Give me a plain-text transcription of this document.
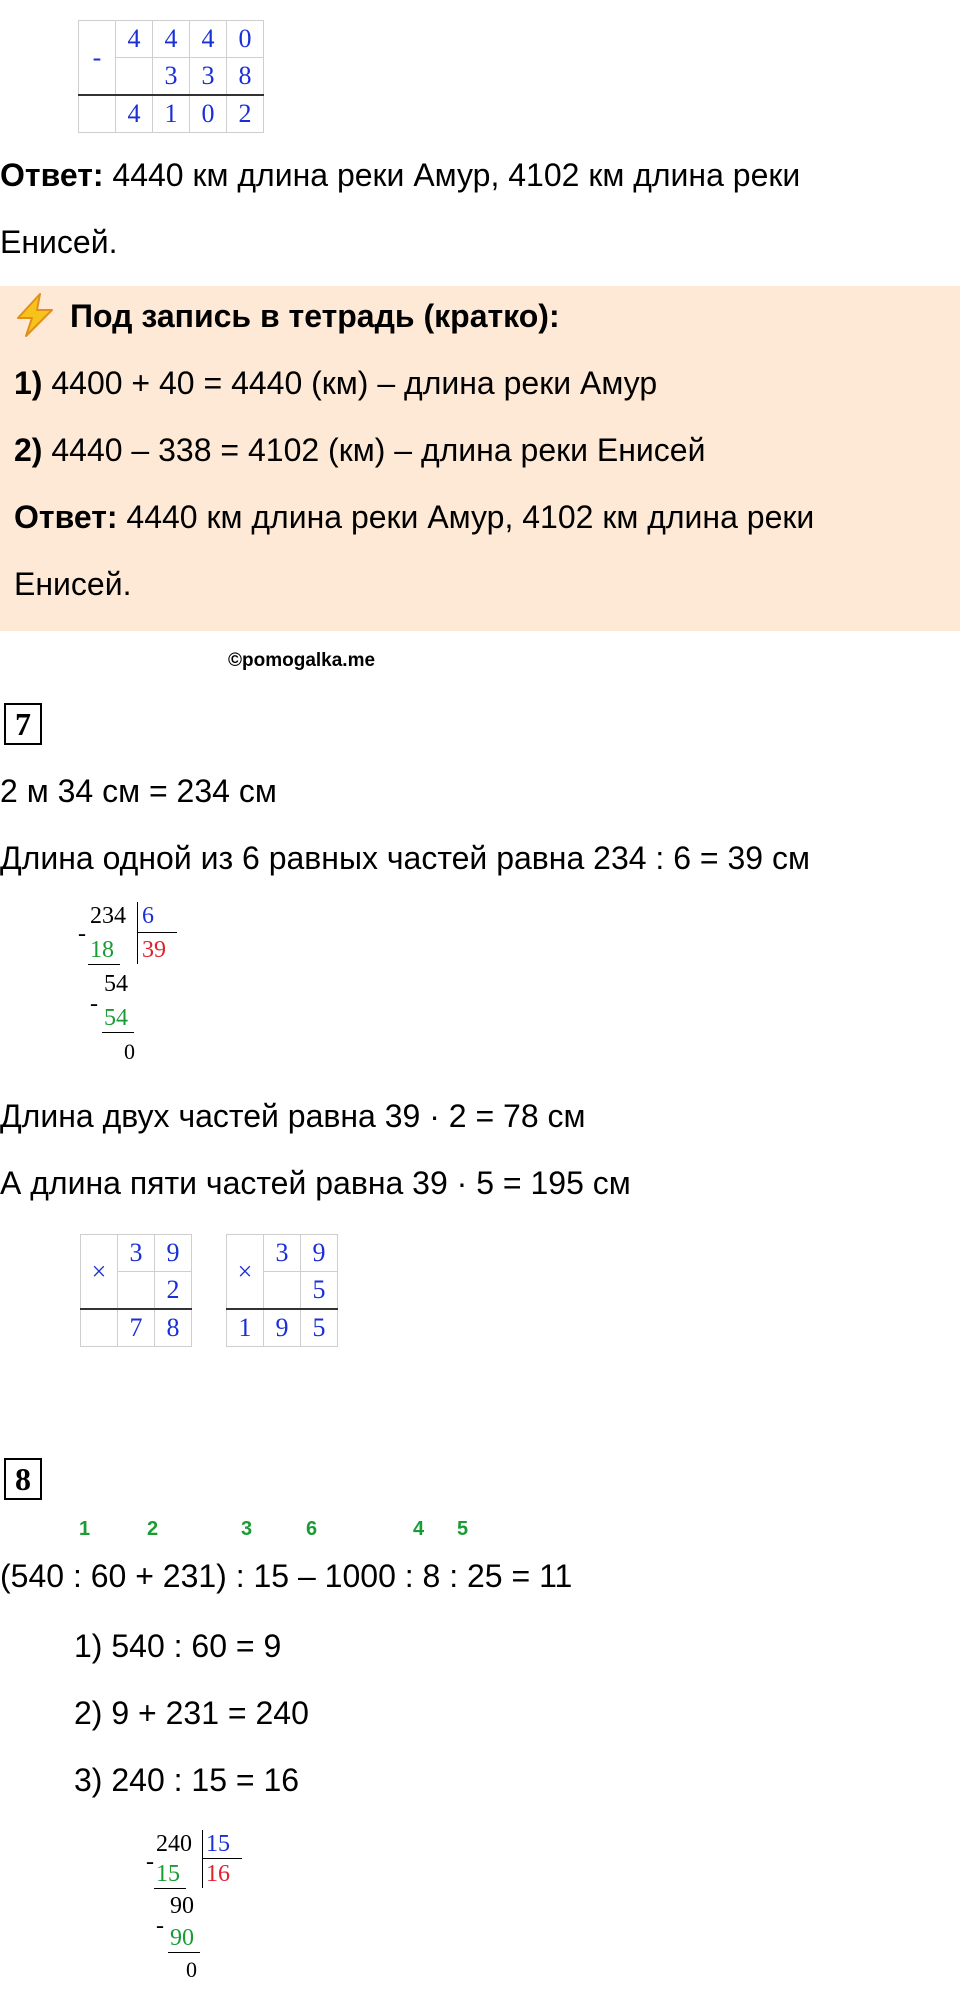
-	4	4	4	0
		3	3	8
	4	1	0	2
Ответ: 4440 км длина реки Амур, 4102 км длина реки
Енисей.
Под запись в тетрадь (кратко):
1) 4400 + 40 = 4440 (км) – длина реки Амур
2) 4440 – 338 = 4102 (км) – длина реки Енисей
Ответ: 4440 км длина реки Амур, 4102 км длина реки
Енисей.
©pomogalka.me
7
2 м 34 см = 234 см
Длина одной из 6 равных частей равна 234 : 6 = 39 см
234 6
-
18 39
54
-
54
0
Длина двух частей равна 39 · 2 = 78 см
А длина пяти частей равна 39 · 5 = 195 см
×	3	9
		2
	7	8
×	3	9
		5
1	9	5
8
1	2	3	6	4 5
(540 : 60 + 231) : 15 – 1000 : 8 : 25 = 11
1) 540 : 60 = 9
2) 9 + 231 = 240
3) 240 : 15 = 16
240 15
- 15 16
90
- 90
0
